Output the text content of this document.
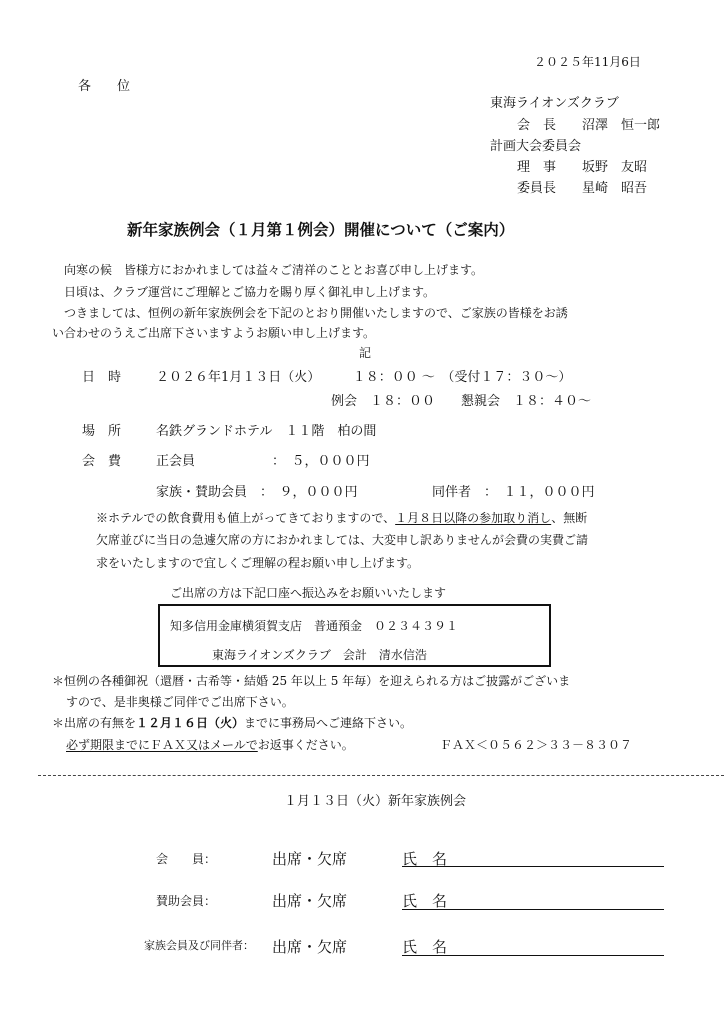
２０２５年11月6日
各　　位
東海ライオンズクラブ
会　長　　沼澤　恒一郎
計画大会委員会
理　事　　坂野　友昭
委員長　　星崎　昭吾
新年家族例会（１月第１例会）開催について（ご案内）
向寒の候　皆様方におかれましては益々ご清祥のこととお喜び申し上げます。
日頃は、クラブ運営にご理解とご協力を賜り厚く御礼申し上げます。
つきましては、恒例の新年家族例会を下記のとおり開催いたしますので、ご家族の皆様をお誘
い合わせのうえご出席下さいますようお願い申し上げます。
記
日　時	２０２６年1月１３日（火）　　　１８：００ ～　（受付１７：３０～）
例会　１８：００　　懇親会　１８：４０～
場　所	名鉄グランドホテル　１１階　柏の間
会　費	正会員	：　５，０００円
家族・賛助会員　：　９，０００円	同伴者　：　１１，０００円
※ホテルでの飲食費用も値上がってきておりますので、１月８日以降の参加取り消し、無断
欠席並びに当日の急遽欠席の方におかれましては、大変申し訳ありませんが会費の実費ご請
求をいたしますので宜しくご理解の程お願い申し上げます。
ご出席の方は下記口座へ振込みをお願いいたします
知多信用金庫横須賀支店　普通預金　０２３４３９１
東海ライオンズクラブ　会計　清水信浩
＊恒例の各種御祝（還暦・古希等・結婚 25 年以上 5 年毎）を迎えられる方はご披露がございま
すので、是非奥様ご同伴でご出席下さい。
＊出席の有無を１２月１６日（火）までに事務局へご連絡下さい。
必ず期限までにＦＡＸ又はメールでお返事ください。	ＦＡＸ＜０５６２＞３３－８３０７
１月１３日（火）新年家族例会
会　　員：	出席・欠席	氏　名
賛助会員：	出席・欠席	氏　名
家族会員及び同伴者： 出席・欠席	氏　名
